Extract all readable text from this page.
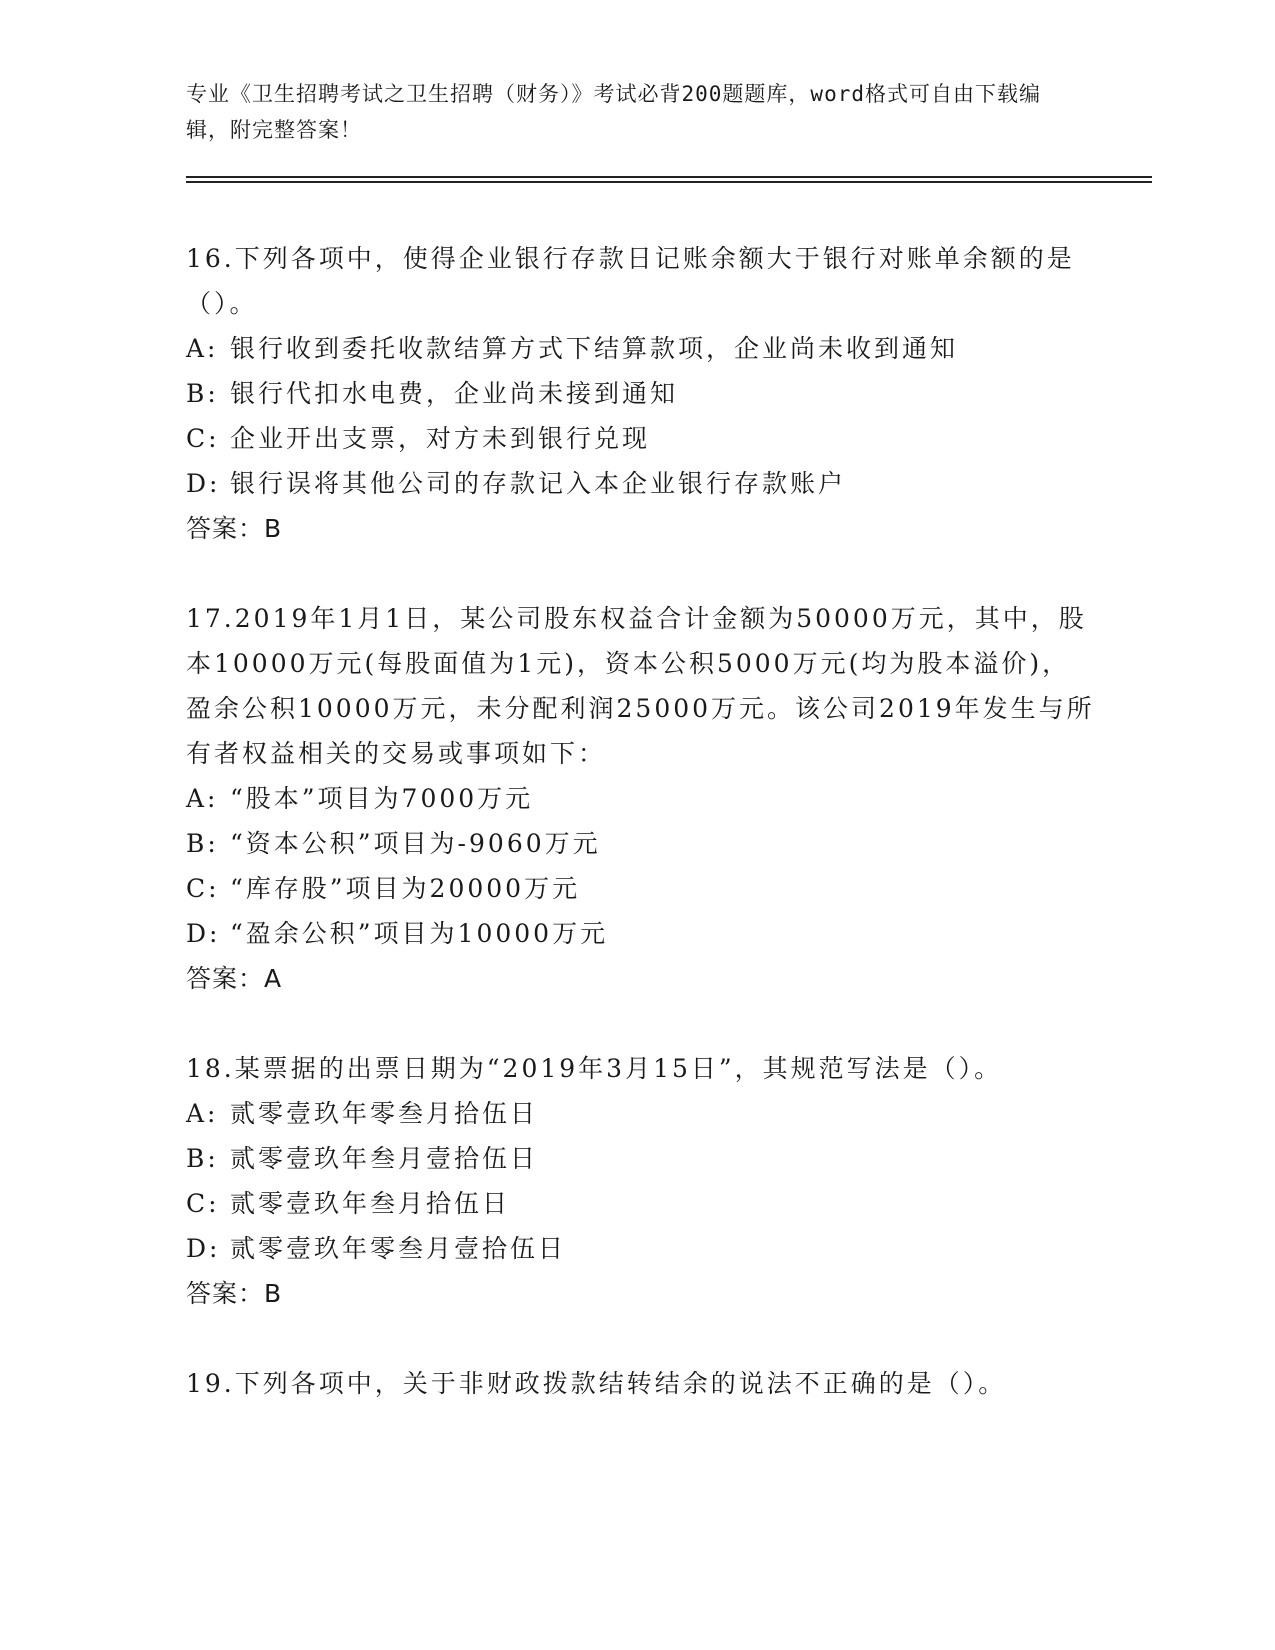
专业《卫生招聘考试之卫生招聘（财务）》考试必背200题题库，word格式可自由下载编辑，附完整答案！

16.下列各项中，使得企业银行存款日记账余额大于银行对账单余额的是（）。

A: 银行收到委托收款结算方式下结算款项，企业尚未收到通知

B: 银行代扣水电费，企业尚未接到通知

C: 企业开出支票，对方未到银行兑现

D: 银行误将其他公司的存款记入本企业银行存款账户

答案：B

17.2019年1月1日，某公司股东权益合计金额为50000万元，其中，股本10000万元(每股面值为1元)，资本公积5000万元(均为股本溢价)，盈余公积10000万元，未分配利润25000万元。该公司2019年发生与所有者权益相关的交易或事项如下：

A: “股本”项目为7000万元

B: “资本公积”项目为-9060万元

C: “库存股”项目为20000万元

D: “盈余公积”项目为10000万元

答案：A

18.某票据的出票日期为“2019年3月15日”，其规范写法是（）。

A: 贰零壹玖年零叁月拾伍日

B: 贰零壹玖年叁月壹拾伍日

C: 贰零壹玖年叁月拾伍日

D: 贰零壹玖年零叁月壹拾伍日

答案：B

19.下列各项中，关于非财政拨款结转结余的说法不正确的是（）。
